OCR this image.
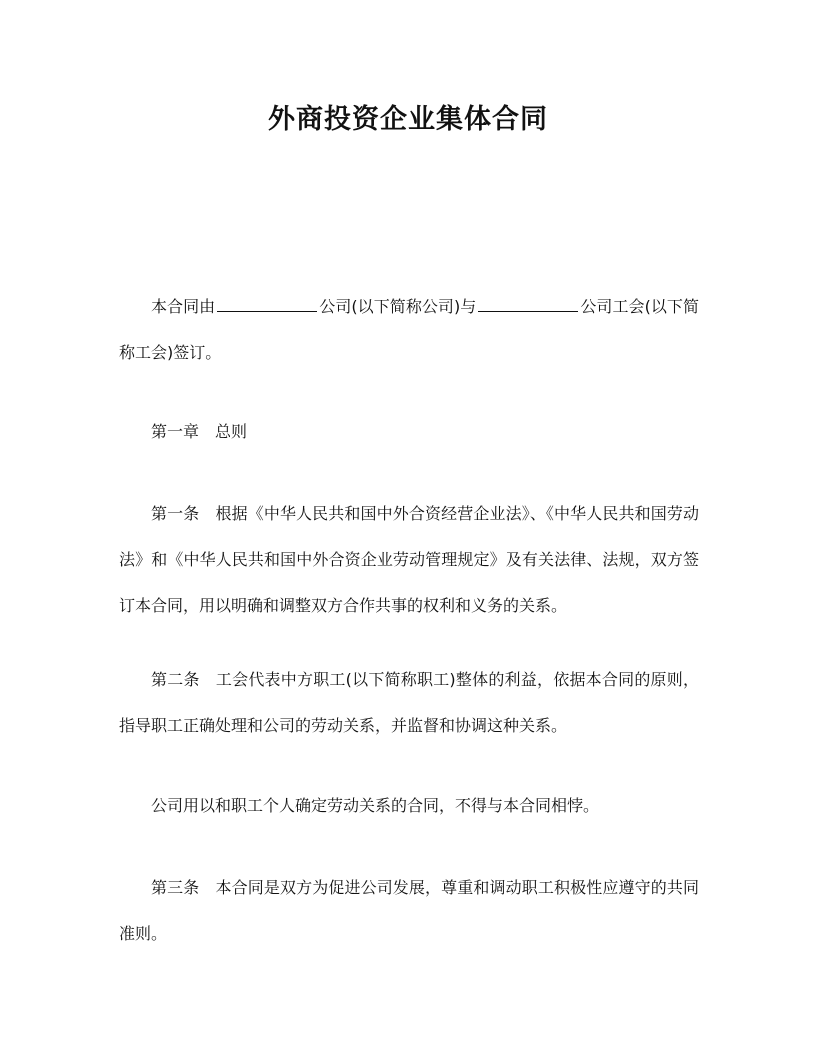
外商投资企业集体合同

本合同由	公司(以下简称公司)与	公司工会(以下简称工会)签订。

第一章　总则

第一条　根据《中华人民共和国中外合资经营企业法》、《中华人民共和国劳动法》和《中华人民共和国中外合资企业劳动管理规定》及有关法律、法规，双方签订本合同，用以明确和调整双方合作共事的权利和义务的关系。

第二条　工会代表中方职工(以下简称职工)整体的利益，依据本合同的原则，指导职工正确处理和公司的劳动关系，并监督和协调这种关系。

公司用以和职工个人确定劳动关系的合同，不得与本合同相悖。

第三条　本合同是双方为促进公司发展，尊重和调动职工积极性应遵守的共同准则。
